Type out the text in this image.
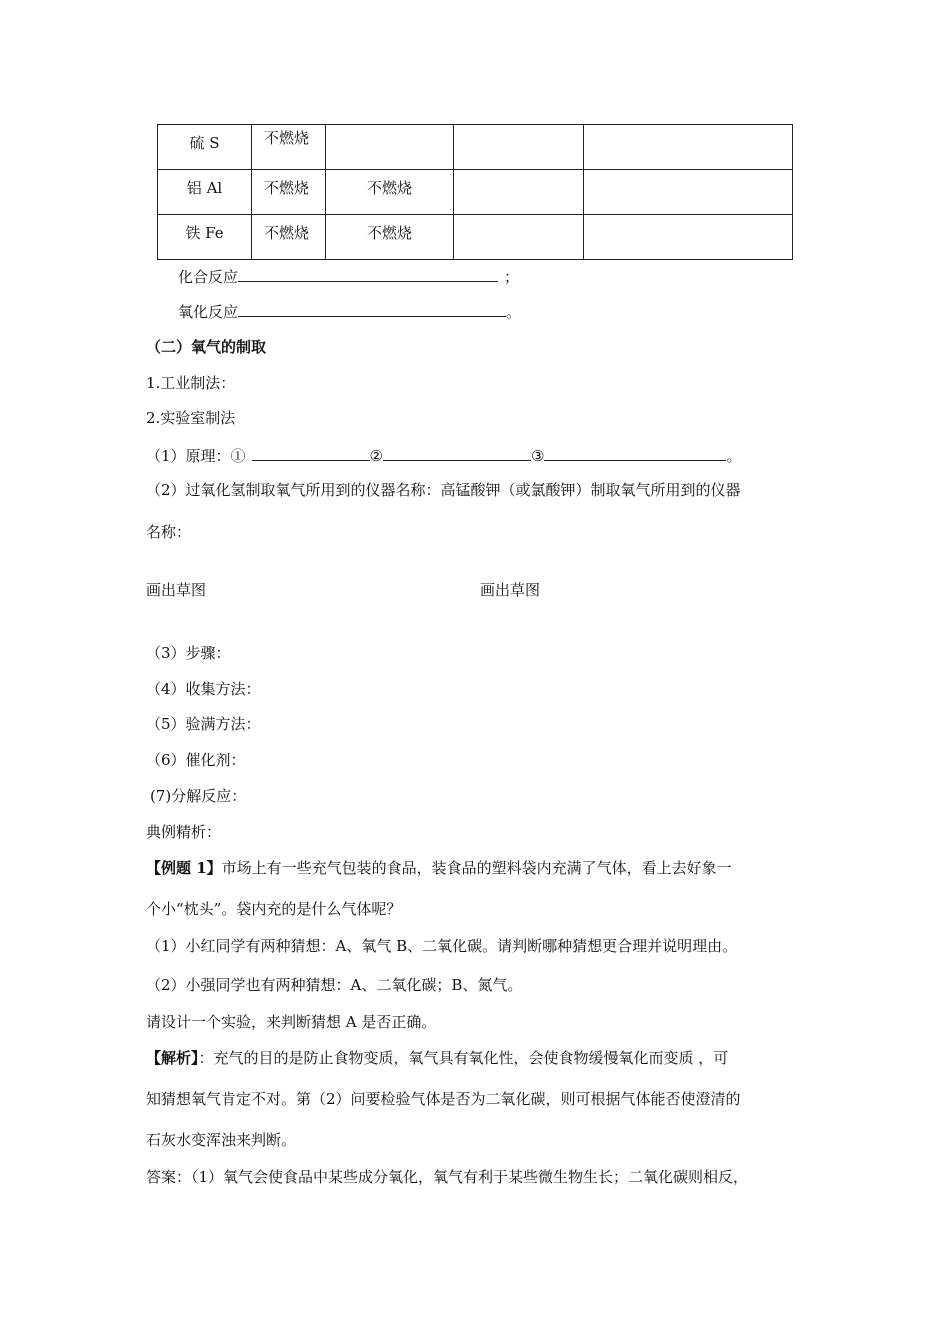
硫 S	不燃烧			

铝 Al	不燃烧	不燃烧		

铁 Fe	不燃烧	不燃烧		

化合反应	；
氧化反应	。
（二）氧气的制取
1.工业制法：
2.实验室制法
（1）原理：①	②	③	。
（2）过氧化氢制取氧气所用到的仪器名称：高锰酸钾（或氯酸钾）制取氧气所用到的仪器
名称：
画出草图	画出草图
（3）步骤：
（4）收集方法：
（5）验满方法：
（6）催化剂：
(7)分解反应：
典例精析：
【例题 1】市场上有一些充气包装的食品，装食品的塑料袋内充满了气体，看上去好象一
个小“枕头”。袋内充的是什么气体呢？
（1）小红同学有两种猜想：A、氧气 B、二氧化碳。请判断哪种猜想更合理并说明理由。
（2）小强同学也有两种猜想：A、二氧化碳；B、氮气。
请设计一个实验，来判断猜想 A 是否正确。
【解析】：充气的目的是防止食物变质，氧气具有氧化性，会使食物缓慢氧化而变质 ，可
知猜想氧气肯定不对。第（2）问要检验气体是否为二氧化碳，则可根据气体能否使澄清的
石灰水变浑浊来判断。
答案：（1）氧气会使食品中某些成分氧化，氧气有利于某些微生物生长；二氧化碳则相反，
